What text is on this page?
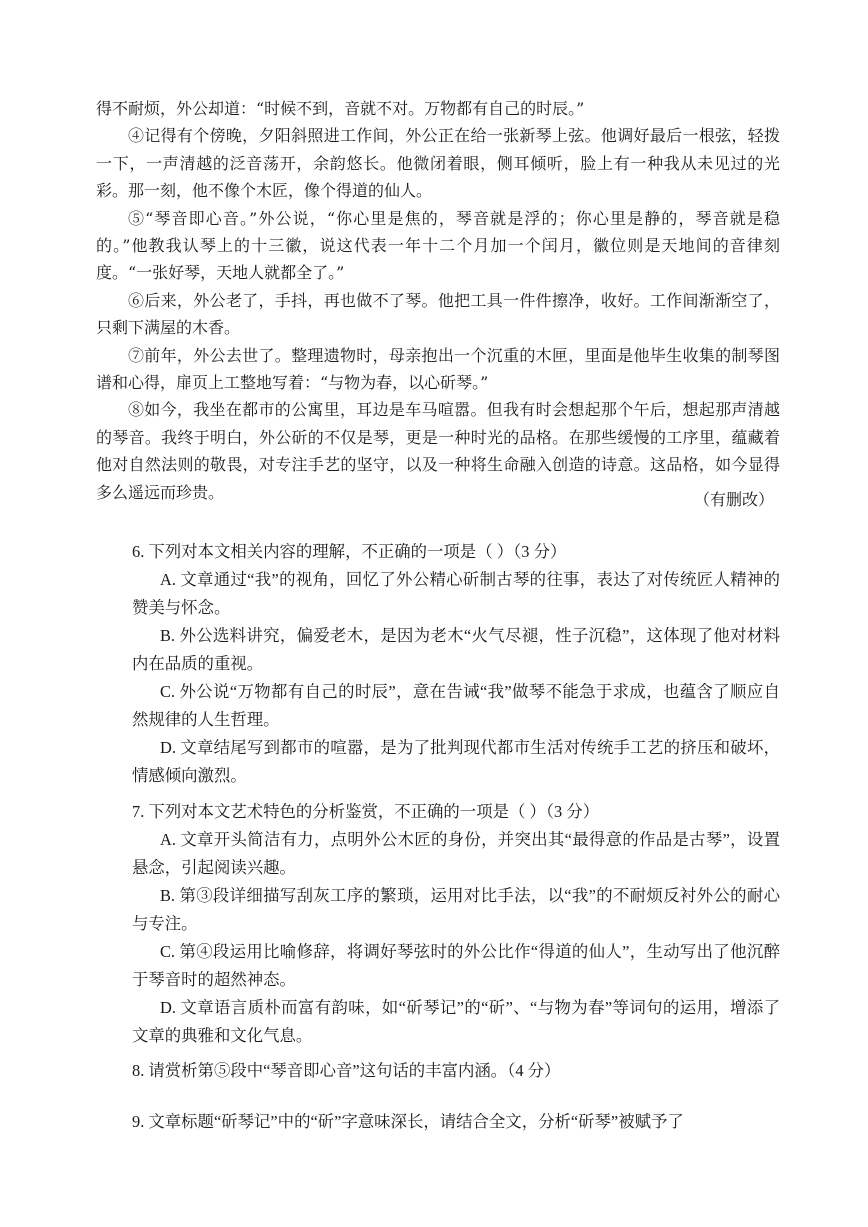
得不耐烦，外公却道：“时候不到，音就不对。万物都有自己的时辰。”

④记得有个傍晚，夕阳斜照进工作间，外公正在给一张新琴上弦。他调好最后一根弦，轻拨一下，一声清越的泛音荡开，余韵悠长。他微闭着眼，侧耳倾听，脸上有一种我从未见过的光彩。那一刻，他不像个木匠，像个得道的仙人。

⑤“琴音即心音。”外公说，“你心里是焦的，琴音就是浮的；你心里是静的，琴音就是稳的。”他教我认琴上的十三徽，说这代表一年十二个月加一个闰月，徽位则是天地间的音律刻度。“一张好琴，天地人就都全了。”

⑥后来，外公老了，手抖，再也做不了琴。他把工具一件件擦净，收好。工作间渐渐空了，只剩下满屋的木香。

⑦前年，外公去世了。整理遗物时，母亲抱出一个沉重的木匣，里面是他毕生收集的制琴图谱和心得，扉页上工整地写着：“与物为春，以心斫琴。”

⑧如今，我坐在都市的公寓里，耳边是车马喧嚣。但我有时会想起那个午后，想起那声清越的琴音。我终于明白，外公斫的不仅是琴，更是一种时光的品格。在那些缓慢的工序里，蕴藏着他对自然法则的敬畏，对专注手艺的坚守，以及一种将生命融入创造的诗意。这品格，如今显得多么遥远而珍贵。	（有删改）

6. 下列对本文相关内容的理解，不正确的一项是（ ）（3 分）

A. 文章通过“我”的视角，回忆了外公精心斫制古琴的往事，表达了对传统匠人精神的赞美与怀念。

B. 外公选料讲究，偏爱老木，是因为老木“火气尽褪，性子沉稳”，这体现了他对材料内在品质的重视。

C. 外公说“万物都有自己的时辰”，意在告诫“我”做琴不能急于求成，也蕴含了顺应自然规律的人生哲理。

D. 文章结尾写到都市的喧嚣，是为了批判现代都市生活对传统手工艺的挤压和破坏，情感倾向激烈。

7. 下列对本文艺术特色的分析鉴赏，不正确的一项是（ ）（3 分）

A. 文章开头简洁有力，点明外公木匠的身份，并突出其“最得意的作品是古琴”，设置悬念，引起阅读兴趣。

B. 第③段详细描写刮灰工序的繁琐，运用对比手法，以“我”的不耐烦反衬外公的耐心与专注。

C. 第④段运用比喻修辞，将调好琴弦时的外公比作“得道的仙人”，生动写出了他沉醉于琴音时的超然神态。

D. 文章语言质朴而富有韵味，如“斫琴记”的“斫”、“与物为春”等词句的运用，增添了文章的典雅和文化气息。

8. 请赏析第⑤段中“琴音即心音”这句话的丰富内涵。（4 分）

9. 文章标题“斫琴记”中的“斫”字意味深长，请结合全文，分析“斫琴”被赋予了
